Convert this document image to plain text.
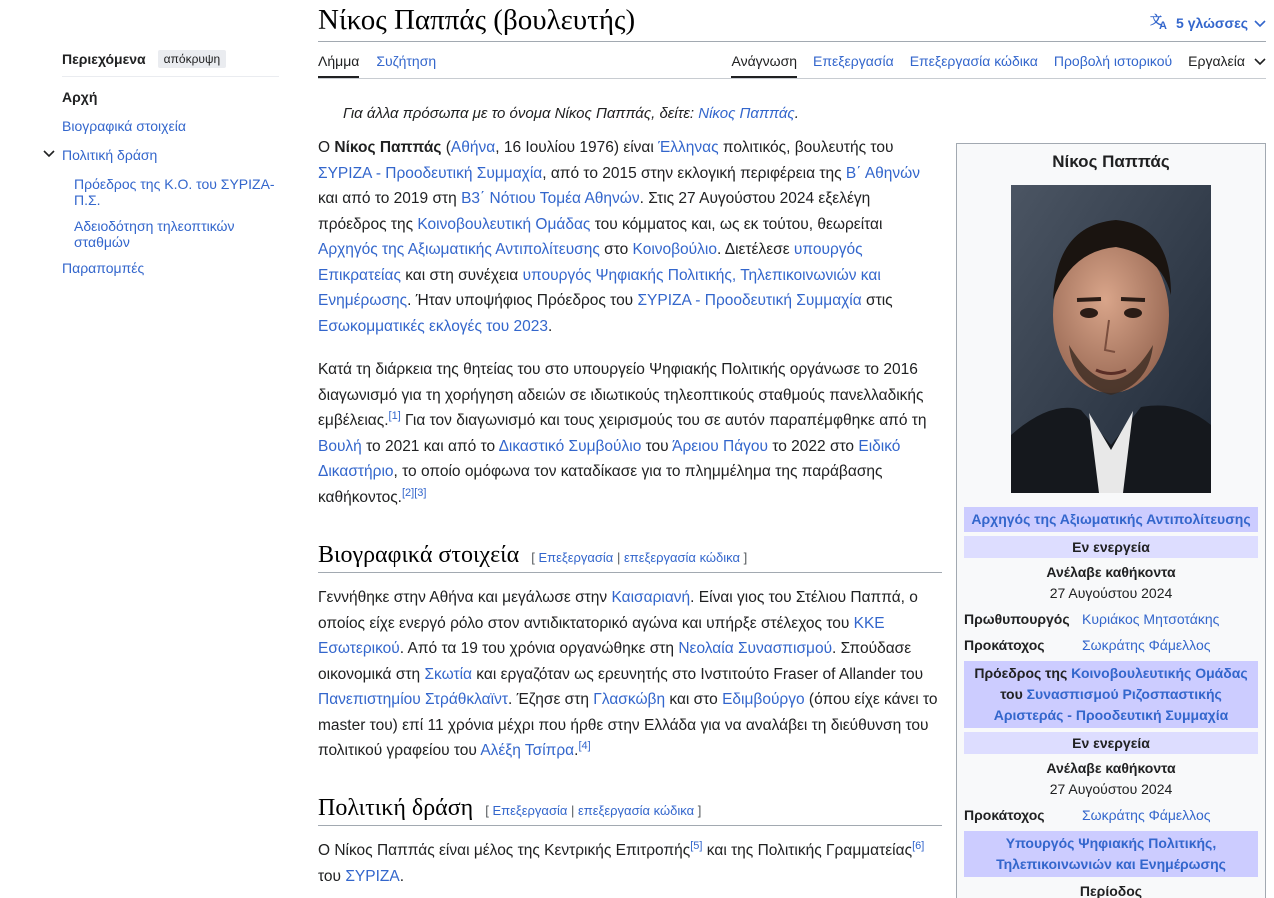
Περιεχόμενα	απόκρυψη
Αρχή
Βιογραφικά στοιχεία
Πολιτική δράση
Πρόεδρος της Κ.Ο. του ΣΥΡΙΖΑ-Π.Σ.
Αδειοδότηση τηλεοπτικών σταθμών
Παραπομπές
Νίκος Παππάς (βουλευτής)	文
A 5 γλώσσες
Λήμμα Συζήτηση	Ανάγνωση Επεξεργασία Επεξεργασία κώδικα Προβολή ιστορικού Εργαλεία
Για άλλα πρόσωπα με το όνομα Νίκος Παππάς, δείτε: Νίκος Παππάς.
Ο Νίκος Παππάς (Αθήνα, 16 Ιουλίου 1976) είναι Έλληνας πολιτικός, βουλευτής του ΣΥΡΙΖΑ - Προοδευτική Συμμαχία, από το 2015 στην εκλογική περιφέρεια της Β΄ Αθηνών και από το 2019 στη Β3΄ Νότιου Τομέα Αθηνών. Στις 27 Αυγούστου 2024 εξελέγη πρόεδρος της Κοινοβουλευτική Ομάδας του κόμματος και, ως εκ τούτου, θεωρείται Αρχηγός της Αξιωματικής Αντιπολίτευσης στο Κοινοβούλιο. Διετέλεσε υπουργός Επικρατείας και στη συνέχεια υπουργός Ψηφιακής Πολιτικής, Τηλεπικοινωνιών και Ενημέρωσης. Ήταν υποψήφιος Πρόεδρος του ΣΥΡΙΖΑ - Προοδευτική Συμμαχία στις Εσωκομματικές εκλογές του 2023.
Κατά τη διάρκεια της θητείας του στο υπουργείο Ψηφιακής Πολιτικής οργάνωσε το 2016 διαγωνισμό για τη χορήγηση αδειών σε ιδιωτικούς τηλεοπτικούς σταθμούς πανελλαδικής εμβέλειας.[1] Για τον διαγωνισμό και τους χειρισμούς του σε αυτόν παραπέμφθηκε από τη Βουλή το 2021 και από το Δικαστικό Συμβούλιο του Άρειου Πάγου το 2022 στο Ειδικό Δικαστήριο, το οποίο ομόφωνα τον καταδίκασε για το πλημμέλημα της παράβασης καθήκοντος.[2][3]
Βιογραφικά στοιχεία [ Επεξεργασία | επεξεργασία κώδικα ]
Γεννήθηκε στην Αθήνα και μεγάλωσε στην Καισαριανή. Είναι γιος του Στέλιου Παππά, ο οποίος είχε ενεργό ρόλο στον αντιδικτατορικό αγώνα και υπήρξε στέλεχος του ΚΚΕ Εσωτερικού. Από τα 19 του χρόνια οργανώθηκε στη Νεολαία Συνασπισμού. Σπούδασε οικονομικά στη Σκωτία και εργαζόταν ως ερευνητής στο Ινστιτούτο Fraser of Allander του Πανεπιστημίου Στράθκλαϊντ. Έζησε στη Γλασκώβη και στο Εδιμβούργο (όπου είχε κάνει το master του) επί 11 χρόνια μέχρι που ήρθε στην Ελλάδα για να αναλάβει τη διεύθυνση του πολιτικού γραφείου του Αλέξη Τσίπρα.[4]
Πολιτική δράση [ Επεξεργασία | επεξεργασία κώδικα ]
Ο Νίκος Παππάς είναι μέλος της Κεντρικής Επιτροπής[5] και της Πολιτικής Γραμματείας[6] του ΣΥΡΙΖΑ.
Νίκος Παππάς
Αρχηγός της Αξιωματικής Αντιπολίτευσης
Εν ενεργεία
Ανέλαβε καθήκοντα
27 Αυγούστου 2024
Πρωθυπουργός Κυριάκος Μητσοτάκης
Προκάτοχος	Σωκράτης Φάμελλος
Πρόεδρος της Κοινοβουλευτικής Ομάδας του Συνασπισμού Ριζοσπαστικής Αριστεράς - Προοδευτική Συμμαχία
Εν ενεργεία
Ανέλαβε καθήκοντα
27 Αυγούστου 2024
Προκάτοχος	Σωκράτης Φάμελλος
Υπουργός Ψηφιακής Πολιτικής, Τηλεπικοινωνιών και Ενημέρωσης
Περίοδος
